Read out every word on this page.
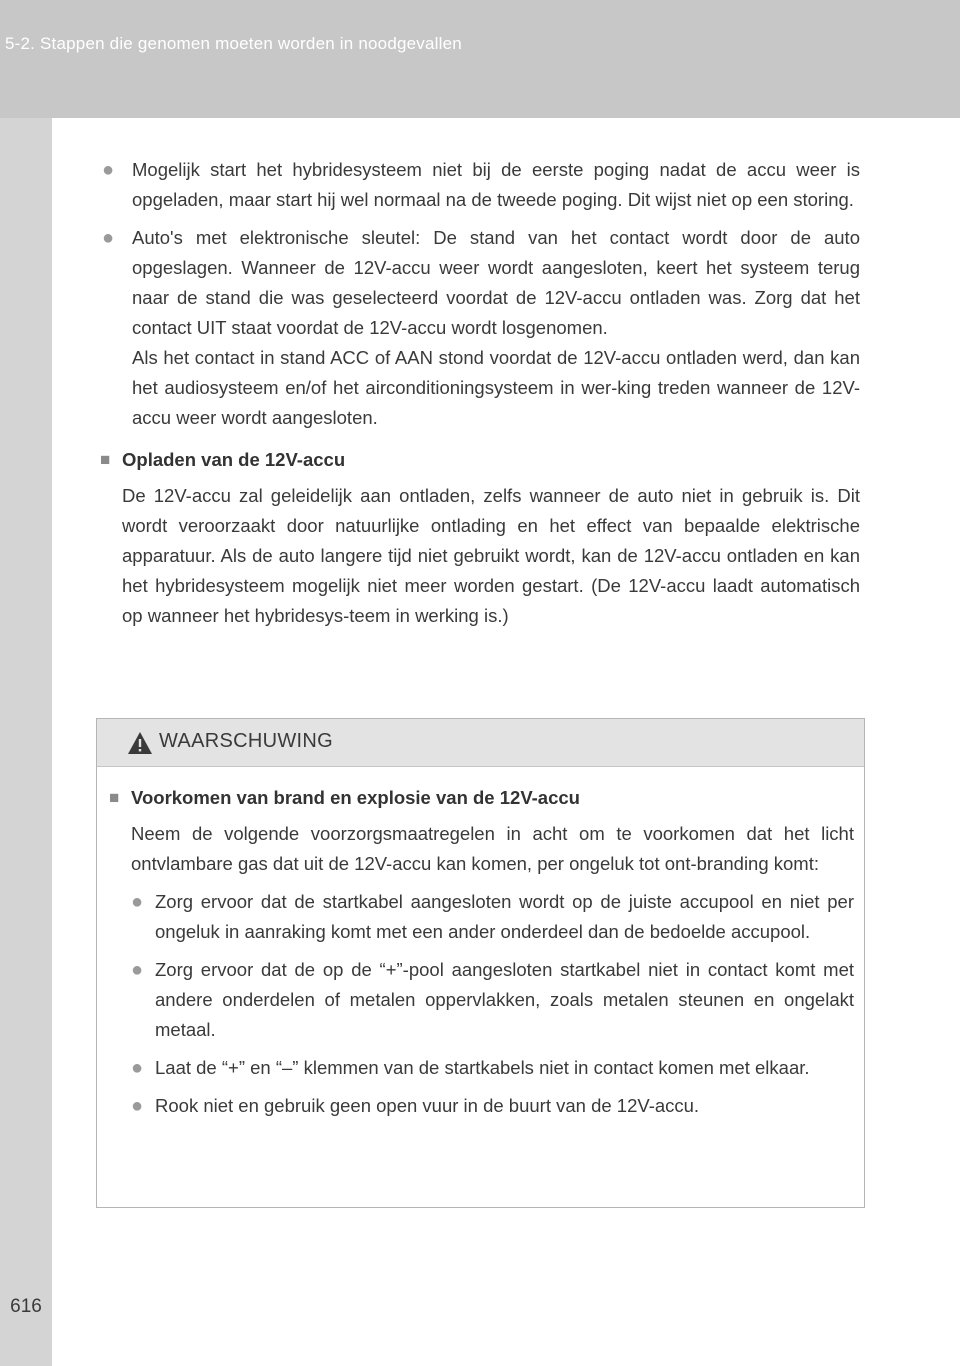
5-2. Stappen die genomen moeten worden in noodgevallen
616
● Mogelijk start het hybridesysteem niet bij de eerste poging nadat de accu weer is opgeladen, maar start hij wel normaal na de tweede poging. Dit wijst niet op een storing.

● Auto's met elektronische sleutel: De stand van het contact wordt door de auto opgeslagen. Wanneer de 12V-accu weer wordt aangesloten, keert het systeem terug naar de stand die was geselecteerd voordat de 12V-accu ontladen was. Zorg dat het contact UIT staat voordat de 12V-accu wordt losgenomen.

Als het contact in stand ACC of AAN stond voordat de 12V-accu ontladen werd, dan kan het audiosysteem en/of het airconditioningsysteem in wer-king treden wanneer de 12V-accu weer wordt aangesloten.

■ Opladen van de 12V-accu

De 12V-accu zal geleidelijk aan ontladen, zelfs wanneer de auto niet in gebruik is. Dit wordt veroorzaakt door natuurlijke ontlading en het effect van bepaalde elektrische apparatuur. Als de auto langere tijd niet gebruikt wordt, kan de 12V-accu ontladen en kan het hybridesysteem mogelijk niet meer worden gestart. (De 12V-accu laadt automatisch op wanneer het hybridesys-teem in werking is.)

WAARSCHUWING
■ Voorkomen van brand en explosie van de 12V-accu

Neem de volgende voorzorgsmaatregelen in acht om te voorkomen dat het licht ontvlambare gas dat uit de 12V-accu kan komen, per ongeluk tot ont-branding komt:

● Zorg ervoor dat de startkabel aangesloten wordt op de juiste accupool en niet per ongeluk in aanraking komt met een ander onderdeel dan de bedoelde accupool.

● Zorg ervoor dat de op de “+”-pool aangesloten startkabel niet in contact komt met andere onderdelen of metalen oppervlakken, zoals metalen steunen en ongelakt metaal.

● Laat de “+” en “–” klemmen van de startkabels niet in contact komen met elkaar.

● Rook niet en gebruik geen open vuur in de buurt van de 12V-accu.
